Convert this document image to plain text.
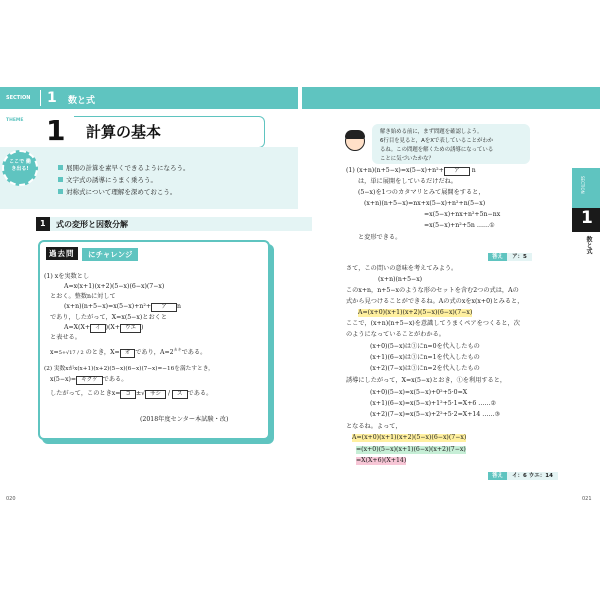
SECTION 1 数と式
THEME 1 計算の基本
ここで 働き出る!	展開の計算を素早くできるようになろう。
文字式の誘導にうまく乗ろう。
対称式について理解を深めておこう。
1 式の変形と因数分解
過去問	にチャレンジ
(1) xを実数とし
A=x(x+1)(x+2)(5−x)(6−x)(7−x)
とおく。整数nに対して
(x+n)(n+5−x)=x(5−x)+n²+ ア n
であり，したがって，X=x(5−x)とおくと
A=X(X+ イ )(X+ ウエ )
と表せる。
x=5+√17 / 2 のとき，X= オ であり，$A=2^{カキ}$である。
(2) 実数xがx(x+1)(x+2)(5−x)(6−x)(7−x)=−16を満たすとき，
x(5−x)= キクケ である。
したがって，このときx= コ ±√ サシ / ス である。
(2018年度センター本試験・改)
020
解き始める前に，まず問題を確認しよう。
6行目を見ると，AをXで表していることがわか
るね。この問題を解くための誘導になっている
ことに気づいたかな？
SECTION
1
数と式
(1) (x+n)(n+5−x)=x(5−x)+n²+ ア n
は，単に展開をしているだけだね。
(5−x)を1つのカタマリとみて展開をすると，
(x+n)(n+5−x)=nx+x(5−x)+n²+n(5−x)
=x(5−x)+nx+n²+5n−nx
=x(5−x)+n²+5n ……①
と変形できる。
答え ア：5
さて，この問いの意味を考えてみよう。
(x+n)(n+5−x)
このx+n，n+5−xのような形のセットを含む2つの式は，Aの
式から見つけることができるね。Aの式のxをx(x+0)とみると，
A=(x+0)(x+1)(x+2)(5−x)(6−x)(7−x)
ここで，(x+n)(n+5−x)を意識してうまくペアをつくると，次
のようになっていることがわかる。
(x+0)(5−x)は①にn=0を代入したもの
(x+1)(6−x)は①にn=1を代入したもの
(x+2)(7−x)は①にn=2を代入したもの
誘導にしたがって，X=x(5−x)とおき，①を利用すると，
(x+0)(5−x)=x(5−x)+0²+5·0=X
(x+1)(6−x)=x(5−x)+1²+5·1=X+6 ……②
(x+2)(7−x)=x(5−x)+2²+5·2=X+14 ……③
となるね。よって，
A=(x+0)(x+1)(x+2)(5−x)(6−x)(7−x)
=(x+0)(5−x)(x+1)(6−x)(x+2)(7−x)
=X(X+6)(X+14)
答え イ：6 ウエ：14
021
